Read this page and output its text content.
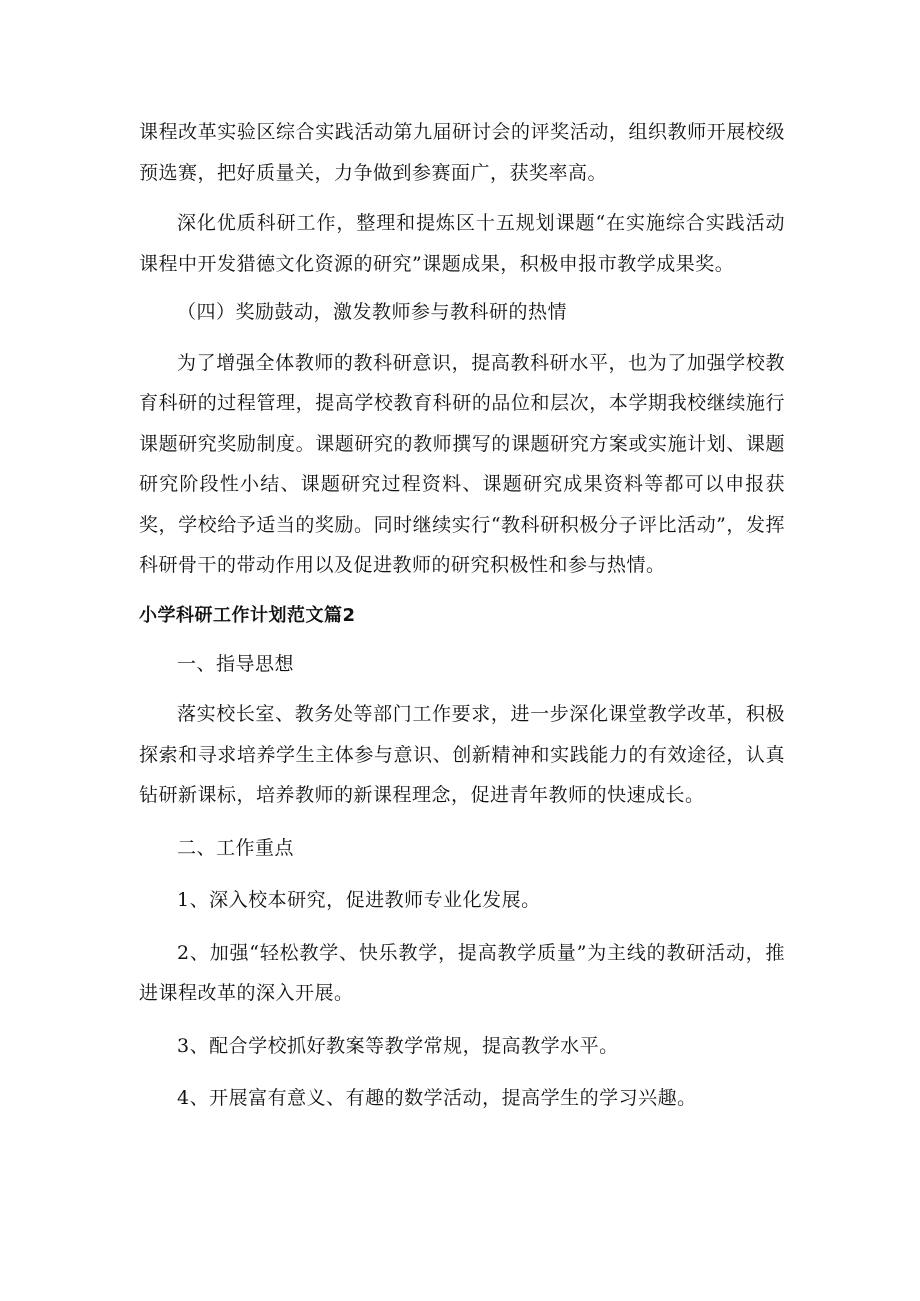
课程改革实验区综合实践活动第九届研讨会的评奖活动，组织教师开展校级预选赛，把好质量关，力争做到参赛面广，获奖率高。

深化优质科研工作，整理和提炼区十五规划课题“在实施综合实践活动课程中开发猎德文化资源的研究”课题成果，积极申报市教学成果奖。

（四）奖励鼓动，激发教师参与教科研的热情

为了增强全体教师的教科研意识，提高教科研水平，也为了加强学校教育科研的过程管理，提高学校教育科研的品位和层次，本学期我校继续施行课题研究奖励制度。课题研究的教师撰写的课题研究方案或实施计划、课题研究阶段性小结、课题研究过程资料、课题研究成果资料等都可以申报获奖，学校给予适当的奖励。同时继续实行“教科研积极分子评比活动”，发挥科研骨干的带动作用以及促进教师的研究积极性和参与热情。

小学科研工作计划范文篇2

一、指导思想

落实校长室、教务处等部门工作要求，进一步深化课堂教学改革，积极探索和寻求培养学生主体参与意识、创新精神和实践能力的有效途径，认真钻研新课标，培养教师的新课程理念，促进青年教师的快速成长。

二、工作重点

1、深入校本研究，促进教师专业化发展。

2、加强“轻松教学、快乐教学，提高教学质量”为主线的教研活动，推进课程改革的深入开展。

3、配合学校抓好教案等教学常规，提高教学水平。

4、开展富有意义、有趣的数学活动，提高学生的学习兴趣。
